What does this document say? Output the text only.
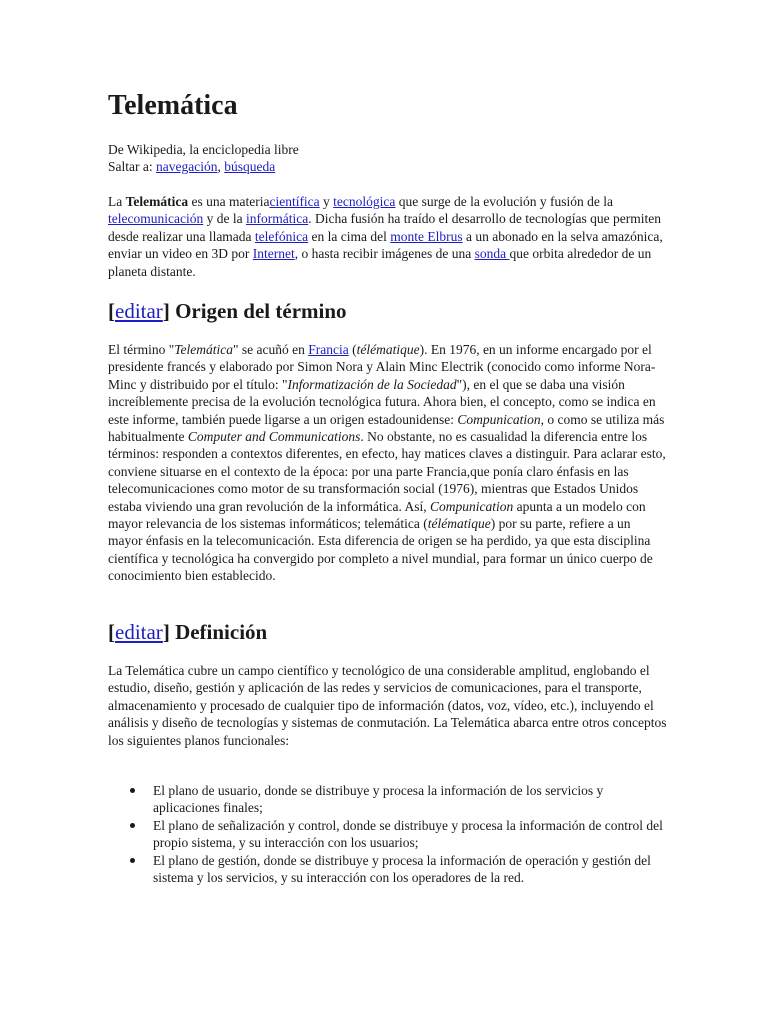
Telemática
De Wikipedia, la enciclopedia libre
Saltar a: navegación, búsqueda

La Telemática es una materiacientífica y tecnológica que surge de la evolución y fusión de la telecomunicación y de la informática. Dicha fusión ha traído el desarrollo de tecnologías que permiten desde realizar una llamada telefónica en la cima del monte Elbrus a un abonado en la selva amazónica, enviar un video en 3D por Internet, o hasta recibir imágenes de una sonda que orbita alrededor de un planeta distante.

[editar] Origen del término

El término "Telemática" se acuñó en Francia (télématique). En 1976, en un informe encargado por el presidente francés y elaborado por Simon Nora y Alain Minc Electrik (conocido como informe Nora-Minc y distribuido por el título: "Informatización de la Sociedad"), en el que se daba una visión increíblemente precisa de la evolución tecnológica futura. Ahora bien, el concepto, como se indica en este informe, también puede ligarse a un origen estadounidense: Compunication, o como se utiliza más habitualmente Computer and Communications. No obstante, no es casualidad la diferencia entre los términos: responden a contextos diferentes, en efecto, hay matices claves a distinguir. Para aclarar esto, conviene situarse en el contexto de la época: por una parte Francia,que ponía claro énfasis en las telecomunicaciones como motor de su transformación social (1976), mientras que Estados Unidos estaba viviendo una gran revolución de la informática. Así, Compunication apunta a un modelo con mayor relevancia de los sistemas informáticos; telemática (télématique) por su parte, refiere a un mayor énfasis en la telecomunicación. Esta diferencia de origen se ha perdido, ya que esta disciplina científica y tecnológica ha convergido por completo a nivel mundial, para formar un único cuerpo de conocimiento bien establecido.

[editar] Definición

La Telemática cubre un campo científico y tecnológico de una considerable amplitud, englobando el estudio, diseño, gestión y aplicación de las redes y servicios de comunicaciones, para el transporte, almacenamiento y procesado de cualquier tipo de información (datos, voz, vídeo, etc.), incluyendo el análisis y diseño de tecnologías y sistemas de conmutación. La Telemática abarca entre otros conceptos los siguientes planos funcionales:

El plano de usuario, donde se distribuye y procesa la información de los servicios y aplicaciones finales;
El plano de señalización y control, donde se distribuye y procesa la información de control del propio sistema, y su interacción con los usuarios;
El plano de gestión, donde se distribuye y procesa la información de operación y gestión del sistema y los servicios, y su interacción con los operadores de la red.
